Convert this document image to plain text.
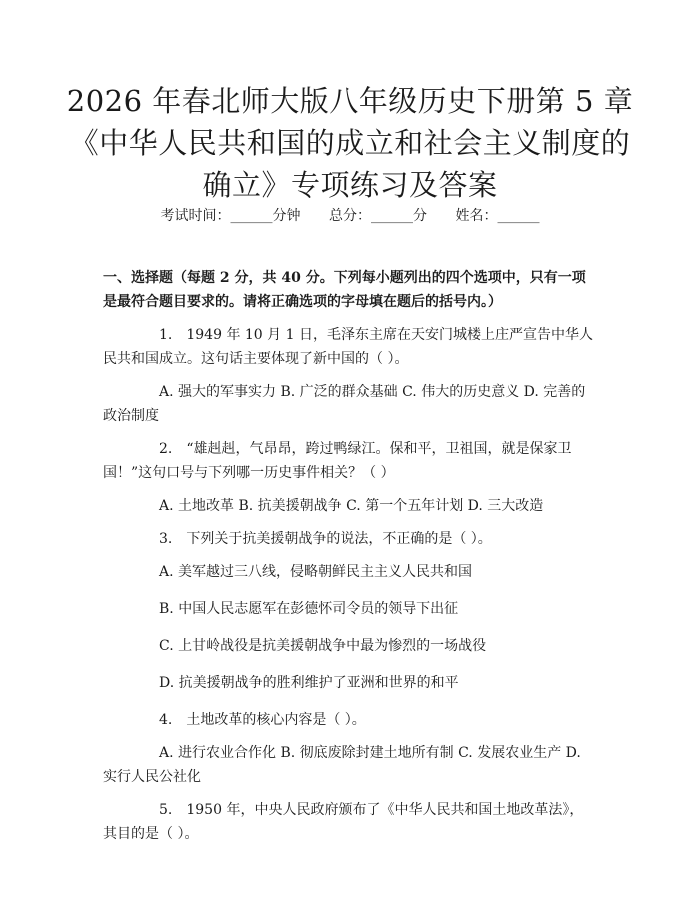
2026 年春北师大版八年级历史下册第 5 章
《中华人民共和国的成立和社会主义制度的
确立》专项练习及答案
考试时间：______分钟 总分：______分 姓名：______
一、选择题（每题 2 分，共 40 分。下列每小题列出的四个选项中，只有一项是最符合题目要求的。请将正确选项的字母填在题后的括号内。）
1. 1949 年 10 月 1 日，毛泽东主席在天安门城楼上庄严宣告中华人民共和国成立。这句话主要体现了新中国的（ ）。
A. 强大的军事实力 B. 广泛的群众基础 C. 伟大的历史意义 D. 完善的政治制度
2. “雄赳赳，气昂昂，跨过鸭绿江。保和平，卫祖国，就是保家卫国！”这句口号与下列哪一历史事件相关？（ ）
A. 土地改革 B. 抗美援朝战争 C. 第一个五年计划 D. 三大改造
3. 下列关于抗美援朝战争的说法，不正确的是（ ）。
A. 美军越过三八线，侵略朝鲜民主主义人民共和国
B. 中国人民志愿军在彭德怀司令员的领导下出征
C. 上甘岭战役是抗美援朝战争中最为惨烈的一场战役
D. 抗美援朝战争的胜利维护了亚洲和世界的和平
4. 土地改革的核心内容是（ ）。
A. 进行农业合作化 B. 彻底废除封建土地所有制 C. 发展农业生产 D. 实行人民公社化
5. 1950 年，中央人民政府颁布了《中华人民共和国土地改革法》，其目的是（ ）。
